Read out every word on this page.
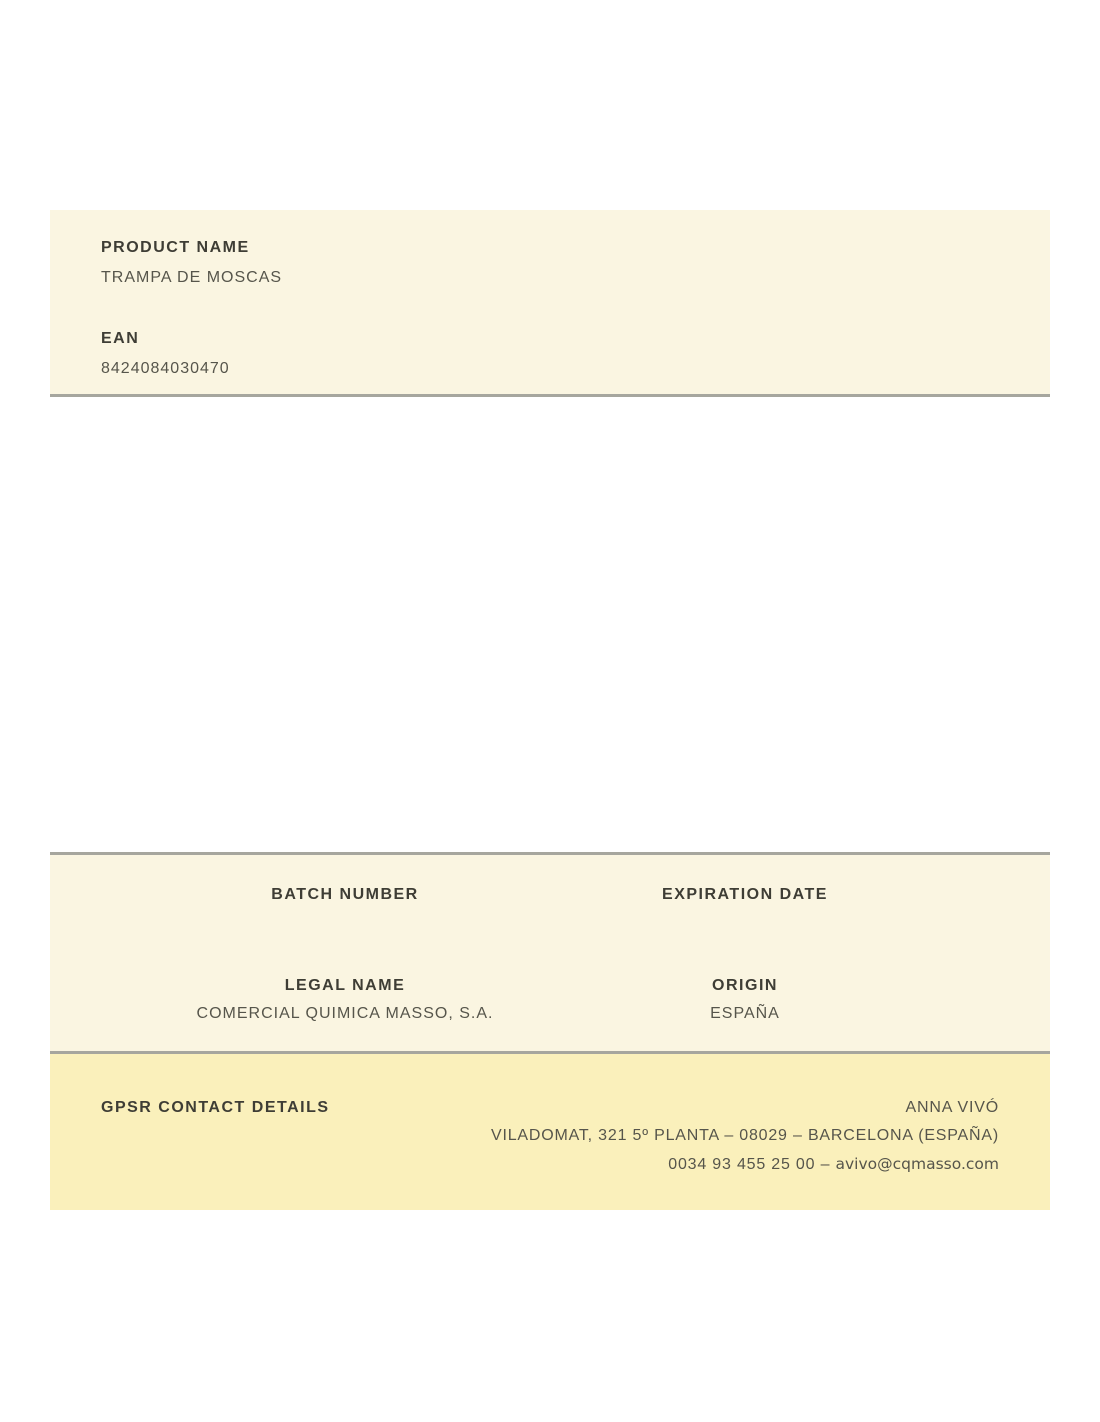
PRODUCT NAME
TRAMPA DE MOSCAS
EAN
8424084030470
BATCH NUMBER
LEGAL NAME
COMERCIAL QUIMICA MASSO, S.A.
EXPIRATION DATE
ORIGIN
ESPAÑA
GPSR CONTACT DETAILS	ANNA VIVÓ
VILADOMAT, 321 5º PLANTA – 08029 – BARCELONA (ESPAÑA)
0034 93 455 25 00 – avivo@cqmasso.com
